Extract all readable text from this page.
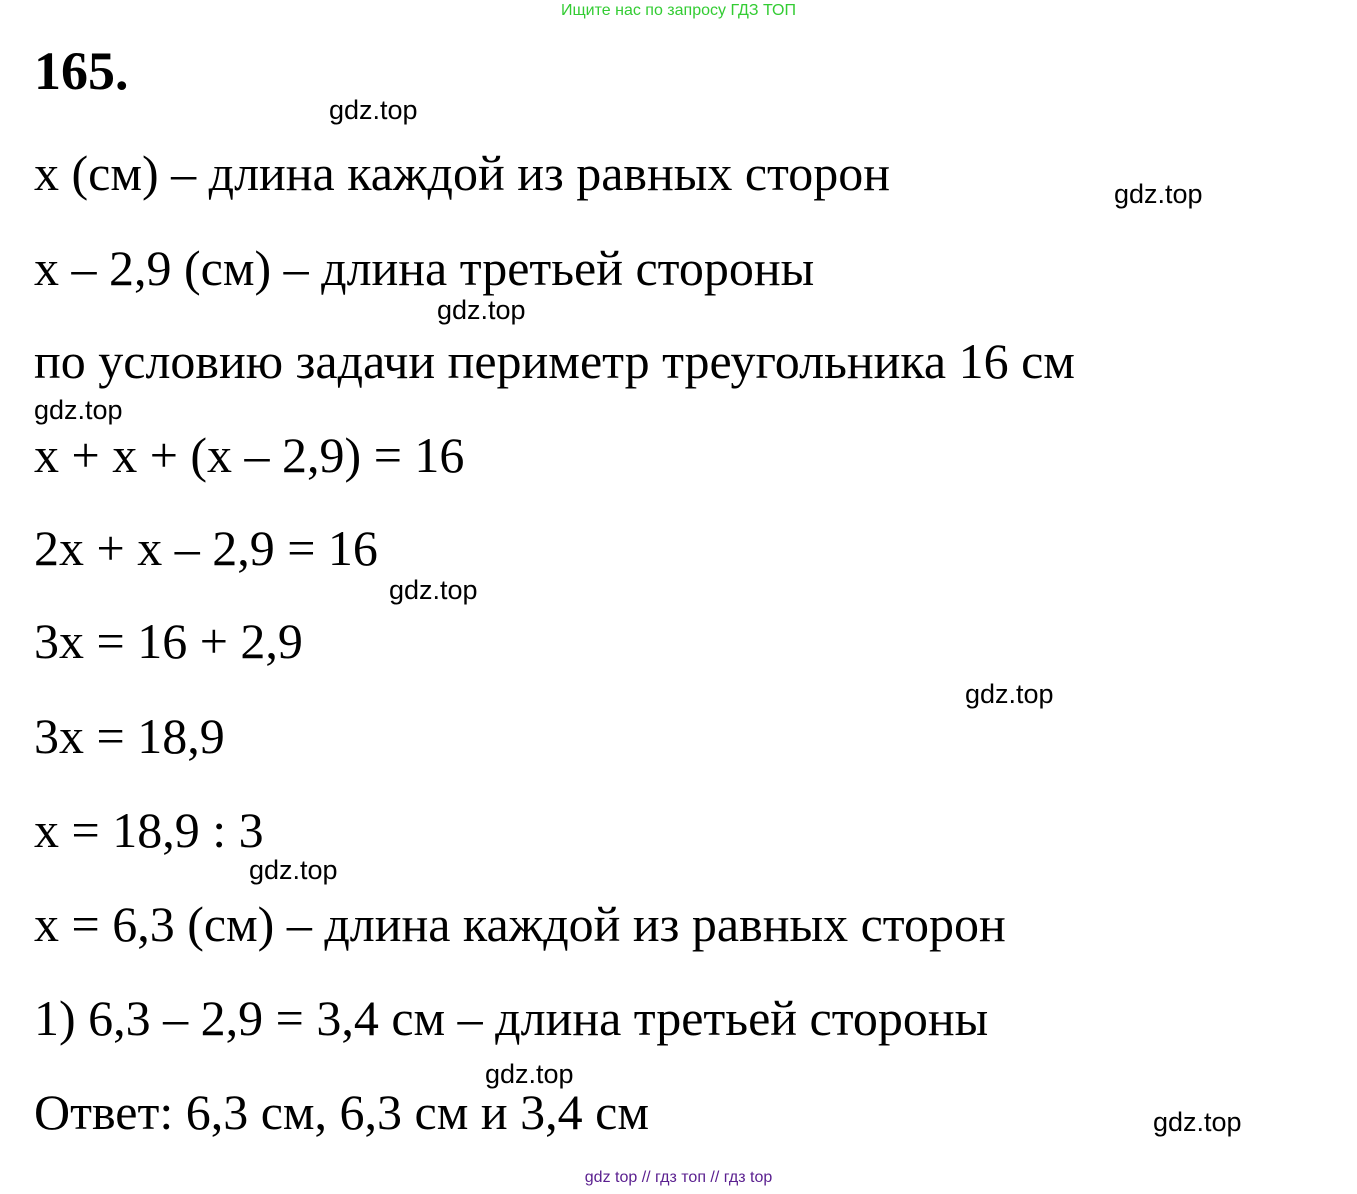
Ищите нас по запросу ГДЗ ТОП
165.
gdz.top
x (см) – длина каждой из равных сторон	gdz.top
x – 2,9 (см) – длина третьей стороны
gdz.top
по условию задачи периметр треугольника 16 см
gdz.top
x + x + (x – 2,9) = 16
2x + x – 2,9 = 16
gdz.top
3x = 16 + 2,9
gdz.top
3x = 18,9
x = 18,9 : 3
gdz.top
x = 6,3 (см) – длина каждой из равных сторон
1) 6,3 – 2,9 = 3,4 см – длина третьей стороны
gdz.top
Ответ: 6,3 см, 6,3 см и 3,4 см	gdz.top
gdz top // гдз топ // гдз top
